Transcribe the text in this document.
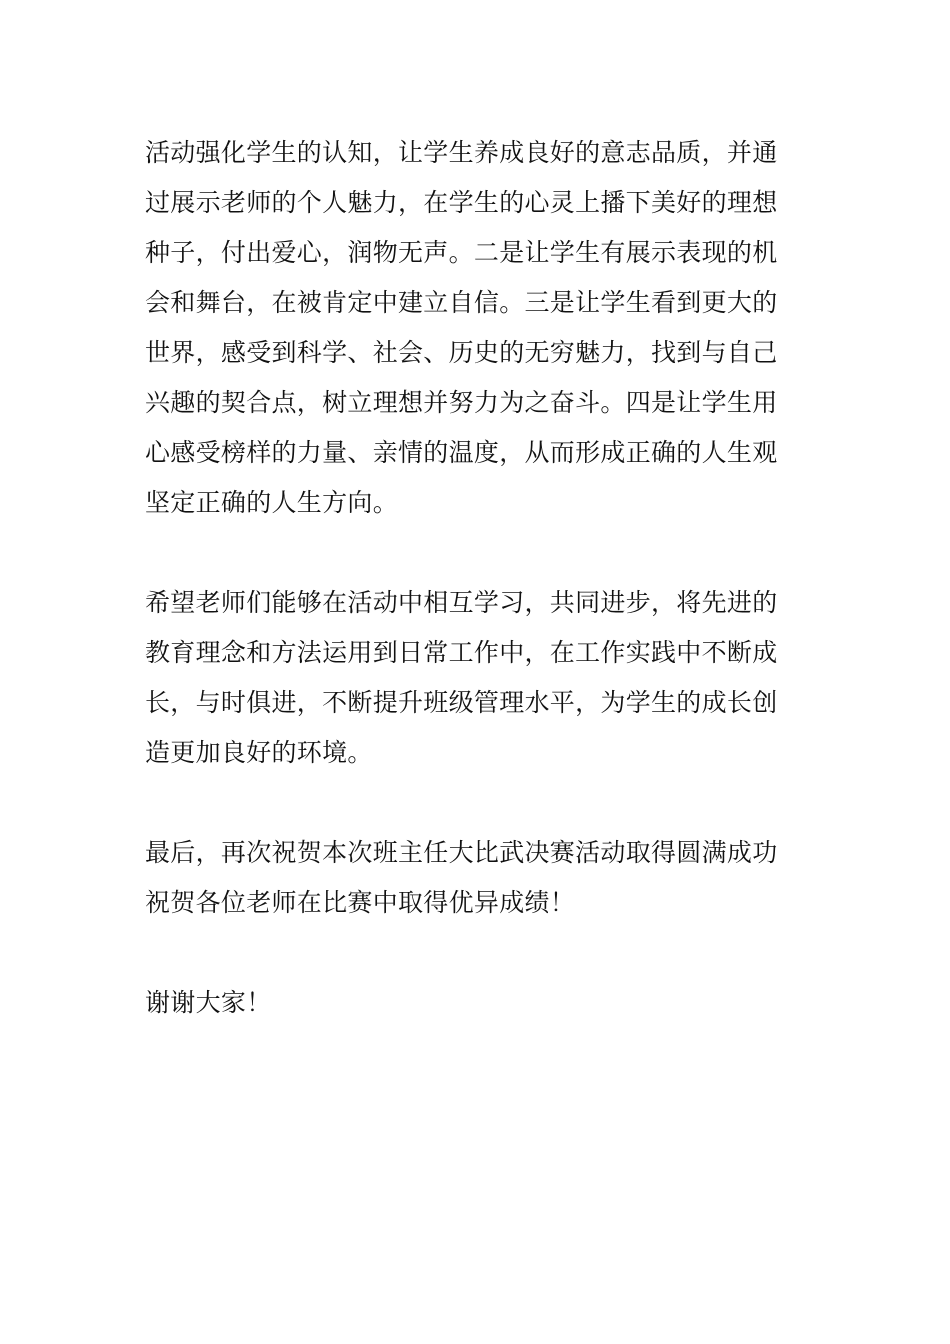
活动强化学生的认知，让学生养成良好的意志品质，并通
过展示老师的个人魅力，在学生的心灵上播下美好的理想
种子，付出爱心，润物无声。二是让学生有展示表现的机
会和舞台，在被肯定中建立自信。三是让学生看到更大的
世界，感受到科学、社会、历史的无穷魅力，找到与自己
兴趣的契合点，树立理想并努力为之奋斗。四是让学生用
心感受榜样的力量、亲情的温度，从而形成正确的人生观
坚定正确的人生方向。
希望老师们能够在活动中相互学习，共同进步，将先进的
教育理念和方法运用到日常工作中，在工作实践中不断成
长，与时俱进，不断提升班级管理水平，为学生的成长创
造更加良好的环境。
最后，再次祝贺本次班主任大比武决赛活动取得圆满成功
祝贺各位老师在比赛中取得优异成绩！
谢谢大家！
